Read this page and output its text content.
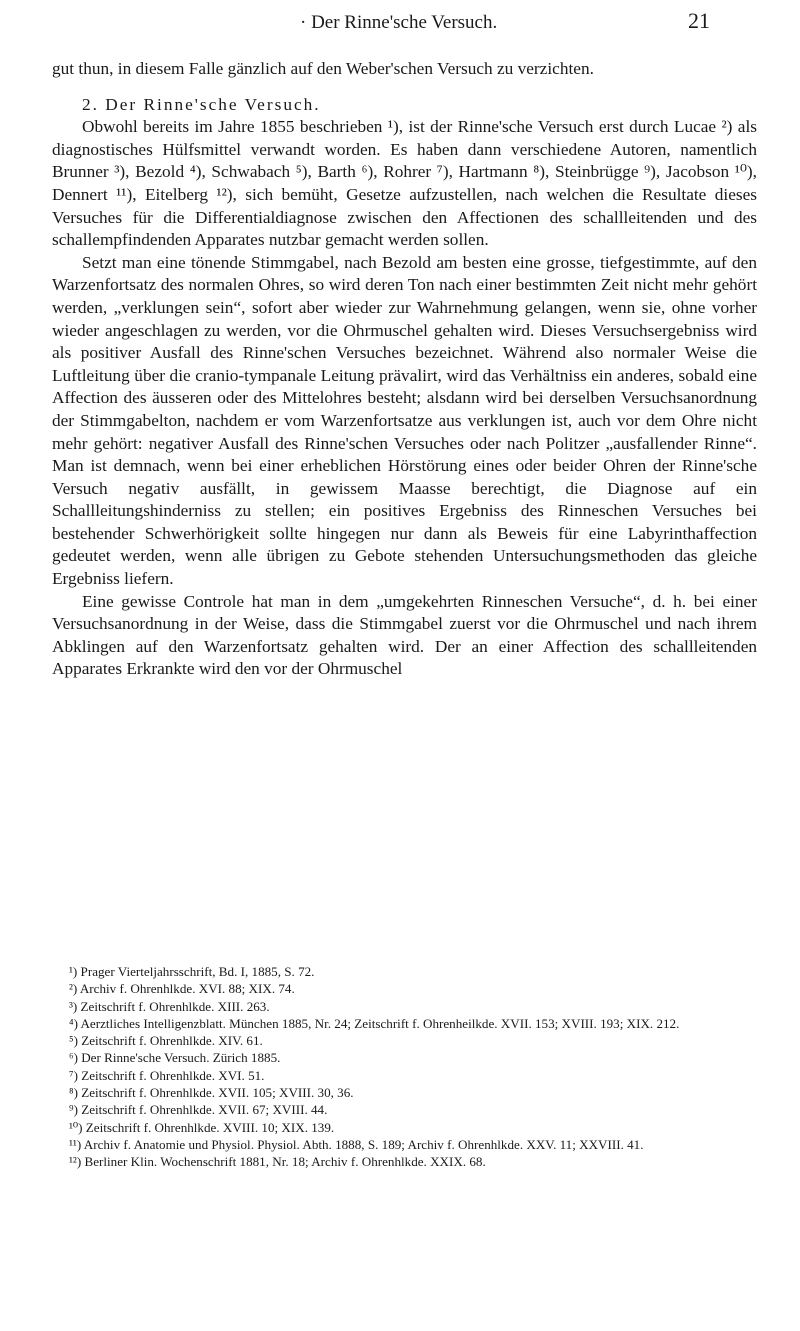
· Der Rinne'sche Versuch.	21

gut thun, in diesem Falle gänzlich auf den Weber'schen Versuch zu verzichten.

2. Der Rinne'sche Versuch.

Obwohl bereits im Jahre 1855 beschrieben ¹), ist der Rinne'sche Versuch erst durch Lucae ²) als diagnostisches Hülfsmittel verwandt worden. Es haben dann verschiedene Autoren, namentlich Brunner ³), Bezold ⁴), Schwabach ⁵), Barth ⁶), Rohrer ⁷), Hartmann ⁸), Steinbrügge ⁹), Jacobson ¹⁰), Dennert ¹¹), Eitelberg ¹²), sich bemüht, Gesetze aufzustellen, nach welchen die Resultate dieses Versuches für die Differentialdiagnose zwischen den Affectionen des schallleitenden und des schallempfindenden Apparates nutzbar gemacht werden sollen.

Setzt man eine tönende Stimmgabel, nach Bezold am besten eine grosse, tiefgestimmte, auf den Warzenfortsatz des normalen Ohres, so wird deren Ton nach einer bestimmten Zeit nicht mehr gehört werden, „verklungen sein“, sofort aber wieder zur Wahrnehmung gelangen, wenn sie, ohne vorher wieder angeschlagen zu werden, vor die Ohrmuschel gehalten wird. Dieses Versuchsergebniss wird als positiver Ausfall des Rinne'schen Versuches bezeichnet. Während also normaler Weise die Luftleitung über die cranio-tympanale Leitung prävalirt, wird das Verhältniss ein anderes, sobald eine Affection des äusseren oder des Mittelohres besteht; alsdann wird bei derselben Versuchsanordnung der Stimmgabelton, nachdem er vom Warzenfortsatze aus verklungen ist, auch vor dem Ohre nicht mehr gehört: negativer Ausfall des Rinne'schen Versuches oder nach Politzer „ausfallender Rinne“. Man ist demnach, wenn bei einer erheblichen Hörstörung eines oder beider Ohren der Rinne'sche Versuch negativ ausfällt, in gewissem Maasse berechtigt, die Diagnose auf ein Schallleitungshinderniss zu stellen; ein positives Ergebniss des Rinneschen Versuches bei bestehender Schwerhörigkeit sollte hingegen nur dann als Beweis für eine Labyrinthaffection gedeutet werden, wenn alle übrigen zu Gebote stehenden Untersuchungsmethoden das gleiche Ergebniss liefern.

Eine gewisse Controle hat man in dem „umgekehrten Rinneschen Versuche“, d. h. bei einer Versuchsanordnung in der Weise, dass die Stimmgabel zuerst vor die Ohrmuschel und nach ihrem Abklingen auf den Warzenfortsatz gehalten wird. Der an einer Affection des schallleitenden Apparates Erkrankte wird den vor der Ohrmuschel

¹) Prager Vierteljahrsschrift, Bd. I, 1885, S. 72.

²) Archiv f. Ohrenhlkde. XVI. 88; XIX. 74.

³) Zeitschrift f. Ohrenhlkde. XIII. 263.

⁴) Aerztliches Intelligenzblatt. München 1885, Nr. 24; Zeitschrift f. Ohrenheilkde. XVII. 153; XVIII. 193; XIX. 212.

⁵) Zeitschrift f. Ohrenhlkde. XIV. 61.

⁶) Der Rinne'sche Versuch. Zürich 1885.

⁷) Zeitschrift f. Ohrenhlkde. XVI. 51.

⁸) Zeitschrift f. Ohrenhlkde. XVII. 105; XVIII. 30, 36.

⁹) Zeitschrift f. Ohrenhlkde. XVII. 67; XVIII. 44.

¹⁰) Zeitschrift f. Ohrenhlkde. XVIII. 10; XIX. 139.

¹¹) Archiv f. Anatomie und Physiol. Physiol. Abth. 1888, S. 189; Archiv f. Ohrenhlkde. XXV. 11; XXVIII. 41.

¹²) Berliner Klin. Wochenschrift 1881, Nr. 18; Archiv f. Ohrenhlkde. XXIX. 68.
